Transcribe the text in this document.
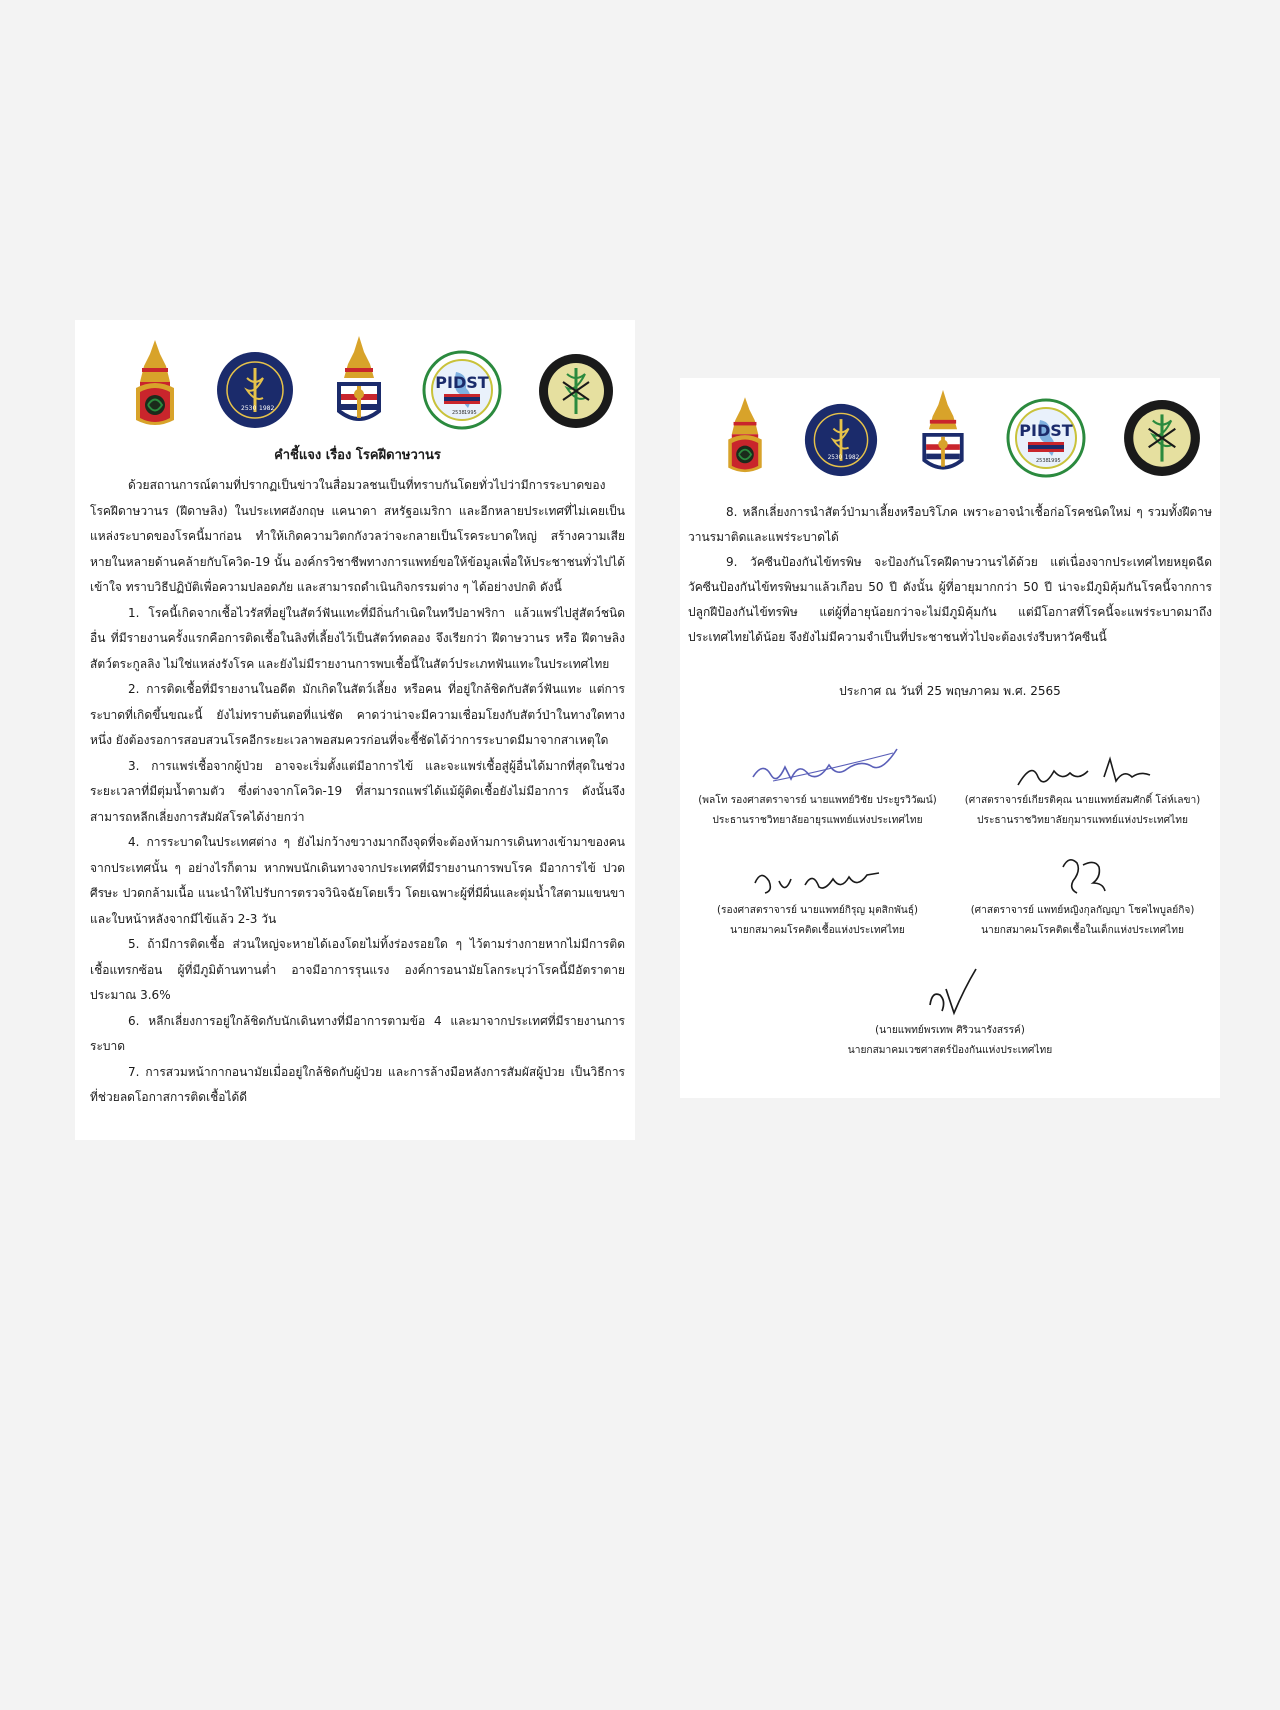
2530 1982
PIDST
2538 1995
คำชี้แจง เรื่อง โรคฝีดาษวานร

ด้วยสถานการณ์ตามที่ปรากฏเป็นข่าวในสื่อมวลชนเป็นที่ทราบกันโดยทั่วไปว่ามีการระบาดของโรคฝีดาษวานร (ฝีดาษลิง) ในประเทศอังกฤษ แคนาดา สหรัฐอเมริกา และอีกหลายประเทศที่ไม่เคยเป็นแหล่งระบาดของโรคนี้มาก่อน ทำให้เกิดความวิตกกังวลว่าจะกลายเป็นโรคระบาดใหญ่ สร้างความเสียหายในหลายด้านคล้ายกับโควิด-19 นั้น องค์กรวิชาชีพทางการแพทย์ขอให้ข้อมูลเพื่อให้ประชาชนทั่วไปได้เข้าใจ ทราบวิธีปฏิบัติเพื่อความปลอดภัย และสามารถดำเนินกิจกรรมต่าง ๆ ได้อย่างปกติ ดังนี้

1. โรคนี้เกิดจากเชื้อไวรัสที่อยู่ในสัตว์ฟันแทะที่มีถิ่นกำเนิดในทวีปอาฟริกา แล้วแพร่ไปสู่สัตว์ชนิดอื่น ที่มีรายงานครั้งแรกคือการติดเชื้อในลิงที่เลี้ยงไว้เป็นสัตว์ทดลอง จึงเรียกว่า ฝีดาษวานร หรือ ฝีดาษลิง สัตว์ตระกูลลิง ไม่ใช่แหล่งรังโรค และยังไม่มีรายงานการพบเชื้อนี้ในสัตว์ประเภทฟันแทะในประเทศไทย

2. การติดเชื้อที่มีรายงานในอดีต มักเกิดในสัตว์เลี้ยง หรือคน ที่อยู่ใกล้ชิดกับสัตว์ฟันแทะ แต่การระบาดที่เกิดขึ้นขณะนี้ ยังไม่ทราบต้นตอที่แน่ชัด คาดว่าน่าจะมีความเชื่อมโยงกับสัตว์ป่าในทางใดทางหนึ่ง ยังต้องรอการสอบสวนโรคอีกระยะเวลาพอสมควรก่อนที่จะชี้ชัดได้ว่าการระบาดมีมาจากสาเหตุใด

3. การแพร่เชื้อจากผู้ป่วย อาจจะเริ่มตั้งแต่มีอาการไข้ และจะแพร่เชื้อสู่ผู้อื่นได้มากที่สุดในช่วงระยะเวลาที่มีตุ่มน้ำตามตัว ซึ่งต่างจากโควิด-19 ที่สามารถแพร่ได้แม้ผู้ติดเชื้อยังไม่มีอาการ ดังนั้นจึงสามารถหลีกเลี่ยงการสัมผัสโรคได้ง่ายกว่า

4. การระบาดในประเทศต่าง ๆ ยังไม่กว้างขวางมากถึงจุดที่จะต้องห้ามการเดินทางเข้ามาของคนจากประเทศนั้น ๆ อย่างไรก็ตาม หากพบนักเดินทางจากประเทศที่มีรายงานการพบโรค มีอาการไข้ ปวดศีรษะ ปวดกล้ามเนื้อ แนะนำให้ไปรับการตรวจวินิจฉัยโดยเร็ว โดยเฉพาะผู้ที่มีผื่นและตุ่มน้ำใสตามแขนขาและใบหน้าหลังจากมีไข้แล้ว 2-3 วัน

5. ถ้ามีการติดเชื้อ ส่วนใหญ่จะหายได้เองโดยไม่ทิ้งร่องรอยใด ๆ ไว้ตามร่างกายหากไม่มีการติดเชื้อแทรกซ้อน ผู้ที่มีภูมิต้านทานต่ำ อาจมีอาการรุนแรง องค์การอนามัยโลกระบุว่าโรคนี้มีอัตราตาย ประมาณ 3.6%

6. หลีกเลี่ยงการอยู่ใกล้ชิดกับนักเดินทางที่มีอาการตามข้อ 4 และมาจากประเทศที่มีรายงานการระบาด

7. การสวมหน้ากากอนามัยเมื่ออยู่ใกล้ชิดกับผู้ป่วย และการล้างมือหลังการสัมผัสผู้ป่วย เป็นวิธีการที่ช่วยลดโอกาสการติดเชื้อได้ดี

2530 1982
PIDST
2538 1995

8. หลีกเลี่ยงการนำสัตว์ป่ามาเลี้ยงหรือบริโภค เพราะอาจนำเชื้อก่อโรคชนิดใหม่ ๆ รวมทั้งฝีดาษวานรมาติดและแพร่ระบาดได้

9. วัคซีนป้องกันไข้ทรพิษ จะป้องกันโรคฝีดาษวานรได้ด้วย แต่เนื่องจากประเทศไทยหยุดฉีดวัคซีนป้องกันไข้ทรพิษมาแล้วเกือบ 50 ปี ดังนั้น ผู้ที่อายุมากกว่า 50 ปี น่าจะมีภูมิคุ้มกันโรคนี้จากการปลูกฝีป้องกันไข้ทรพิษ แต่ผู้ที่อายุน้อยกว่าจะไม่มีภูมิคุ้มกัน แต่มีโอกาสที่โรคนี้จะแพร่ระบาดมาถึงประเทศไทยได้น้อย จึงยังไม่มีความจำเป็นที่ประชาชนทั่วไปจะต้องเร่งรีบหาวัคซีนนี้

ประกาศ ณ วันที่ 25 พฤษภาคม พ.ศ. 2565
(พลโท รองศาสตราจารย์ นายแพทย์วิชัย ประยูรวิวัฒน์)
ประธานราชวิทยาลัยอายุรแพทย์แห่งประเทศไทย
(ศาสตราจารย์เกียรติคุณ นายแพทย์สมศักดิ์ โล่ห์เลขา)
ประธานราชวิทยาลัยกุมารแพทย์แห่งประเทศไทย
(รองศาสตราจารย์ นายแพทย์กิรุญ มุตสิกพันธุ์)
นายกสมาคมโรคติดเชื้อแห่งประเทศไทย
(ศาสตราจารย์ แพทย์หญิงกุลกัญญา โชคไพบูลย์กิจ)
นายกสมาคมโรคติดเชื้อในเด็กแห่งประเทศไทย
(นายแพทย์พรเทพ ศิริวนารังสรรค์)
นายกสมาคมเวชศาสตร์ป้องกันแห่งประเทศไทย
